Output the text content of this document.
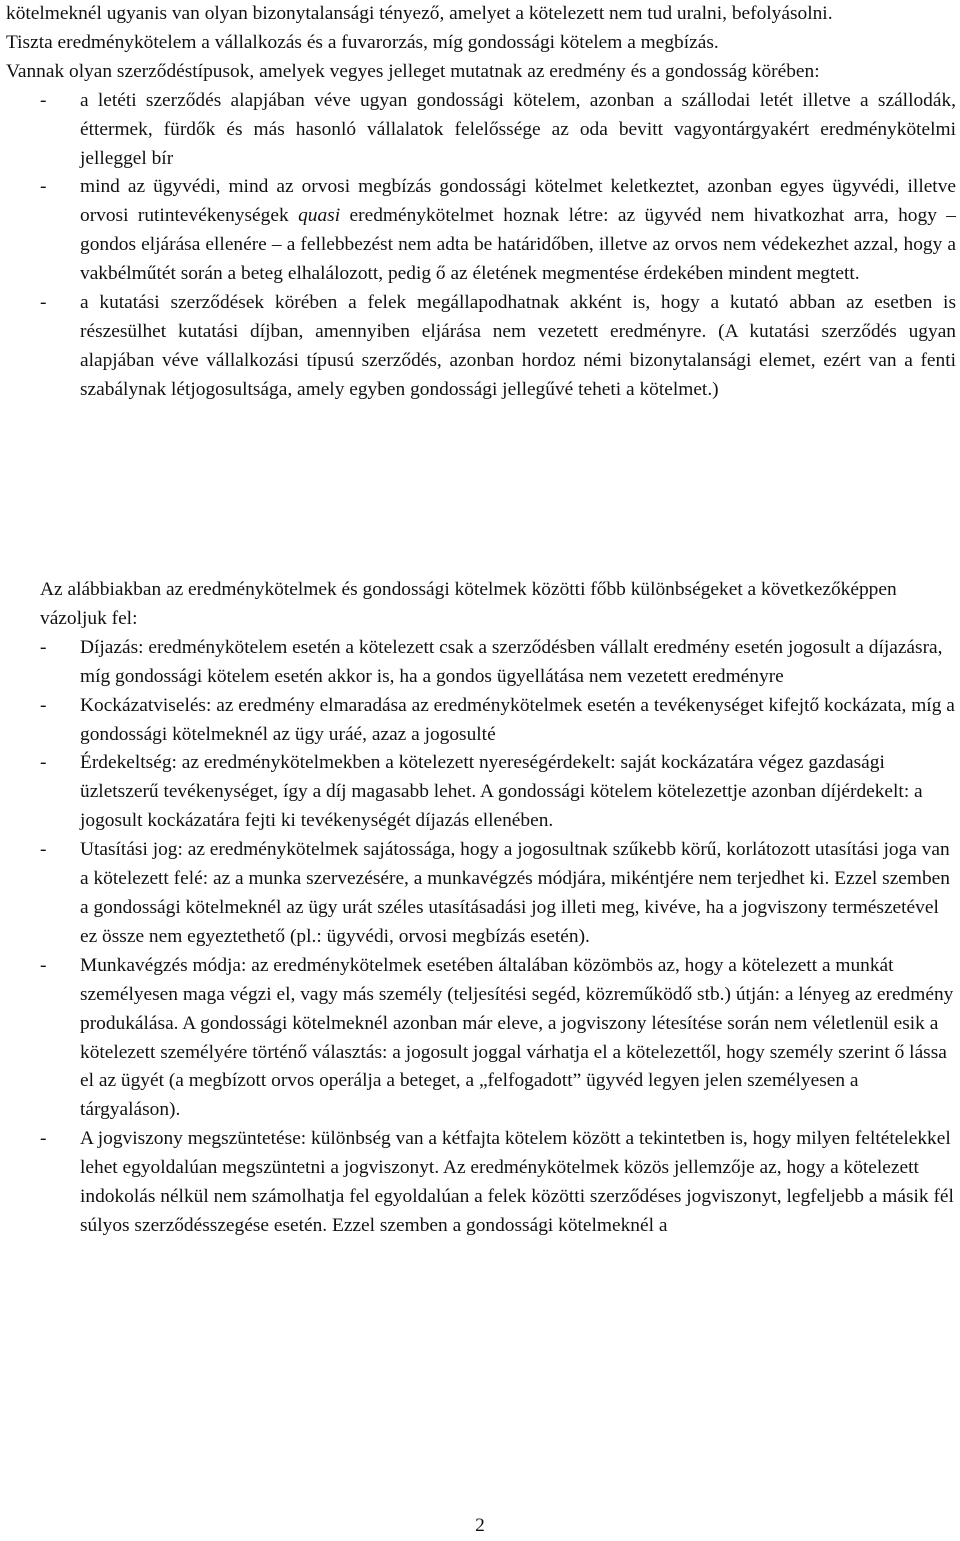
kötelmeknél ugyanis van olyan bizonytalansági tényező, amelyet a kötelezett nem tud uralni, befolyásolni.

Tiszta eredménykötelem a vállalkozás és a fuvarorzás, míg gondossági kötelem a megbízás.

Vannak olyan szerződéstípusok, amelyek vegyes jelleget mutatnak az eredmény és a gondosság körében:

- a letéti szerződés alapjában véve ugyan gondossági kötelem, azonban a szállodai letét illetve a szállodák, éttermek, fürdők és más hasonló vállalatok felelőssége az oda bevitt vagyontárgyakért eredménykötelmi jelleggel bír
- mind az ügyvédi, mind az orvosi megbízás gondossági kötelmet keletkeztet, azonban egyes ügyvédi, illetve orvosi rutintevékenységek quasi eredménykötelmet hoznak létre: az ügyvéd nem hivatkozhat arra, hogy – gondos eljárása ellenére – a fellebbezést nem adta be határidőben, illetve az orvos nem védekezhet azzal, hogy a vakbélműtét során a beteg elhalálozott, pedig ő az életének megmentése érdekében mindent megtett.
- a kutatási szerződések körében a felek megállapodhatnak akként is, hogy a kutató abban az esetben is részesülhet kutatási díjban, amennyiben eljárása nem vezetett eredményre. (A kutatási szerződés ugyan alapjában véve vállalkozási típusú szerződés, azonban hordoz némi bizonytalansági elemet, ezért van a fenti szabálynak létjogosultsága, amely egyben gondossági jellegűvé teheti a kötelmet.)

Az alábbiakban az eredménykötelmek és gondossági kötelmek közötti főbb különbségeket a következőképpen vázoljuk fel:

- Díjazás: eredménykötelem esetén a kötelezett csak a szerződésben vállalt eredmény esetén jogosult a díjazásra, míg gondossági kötelem esetén akkor is, ha a gondos ügyellátása nem vezetett eredményre
- Kockázatviselés: az eredmény elmaradása az eredménykötelmek esetén a tevékenységet kifejtő kockázata, míg a gondossági kötelmeknél az ügy uráé, azaz a jogosulté
- Érdekeltség: az eredménykötelmekben a kötelezett nyereségérdekelt: saját kockázatára végez gazdasági üzletszerű tevékenységet, így a díj magasabb lehet. A gondossági kötelem kötelezettje azonban díjérdekelt: a jogosult kockázatára fejti ki tevékenységét díjazás ellenében.
- Utasítási jog: az eredménykötelmek sajátossága, hogy a jogosultnak szűkebb körű, korlátozott utasítási joga van a kötelezett felé: az a munka szervezésére, a munkavégzés módjára, mikéntjére nem terjedhet ki. Ezzel szemben a gondossági kötelmeknél az ügy urát széles utasításadási jog illeti meg, kivéve, ha a jogviszony természetével ez össze nem egyeztethető (pl.: ügyvédi, orvosi megbízás esetén).
- Munkavégzés módja: az eredménykötelmek esetében általában közömbös az, hogy a kötelezett a munkát személyesen maga végzi el, vagy más személy (teljesítési segéd, közreműködő stb.) útján: a lényeg az eredmény produkálása. A gondossági kötelmeknél azonban már eleve, a jogviszony létesítése során nem véletlenül esik a kötelezett személyére történő választás: a jogosult joggal várhatja el a kötelezettől, hogy személy szerint ő lássa el az ügyét (a megbízott orvos operálja a beteget, a „felfogadott” ügyvéd legyen jelen személyesen a tárgyaláson).
- A jogviszony megszüntetése: különbség van a kétfajta kötelem között a tekintetben is, hogy milyen feltételekkel lehet egyoldalúan megszüntetni a jogviszonyt. Az eredménykötelmek közös jellemzője az, hogy a kötelezett indokolás nélkül nem számolhatja fel egyoldalúan a felek közötti szerződéses jogviszonyt, legfeljebb a másik fél súlyos szerződésszegése esetén. Ezzel szemben a gondossági kötelmeknél a
2
